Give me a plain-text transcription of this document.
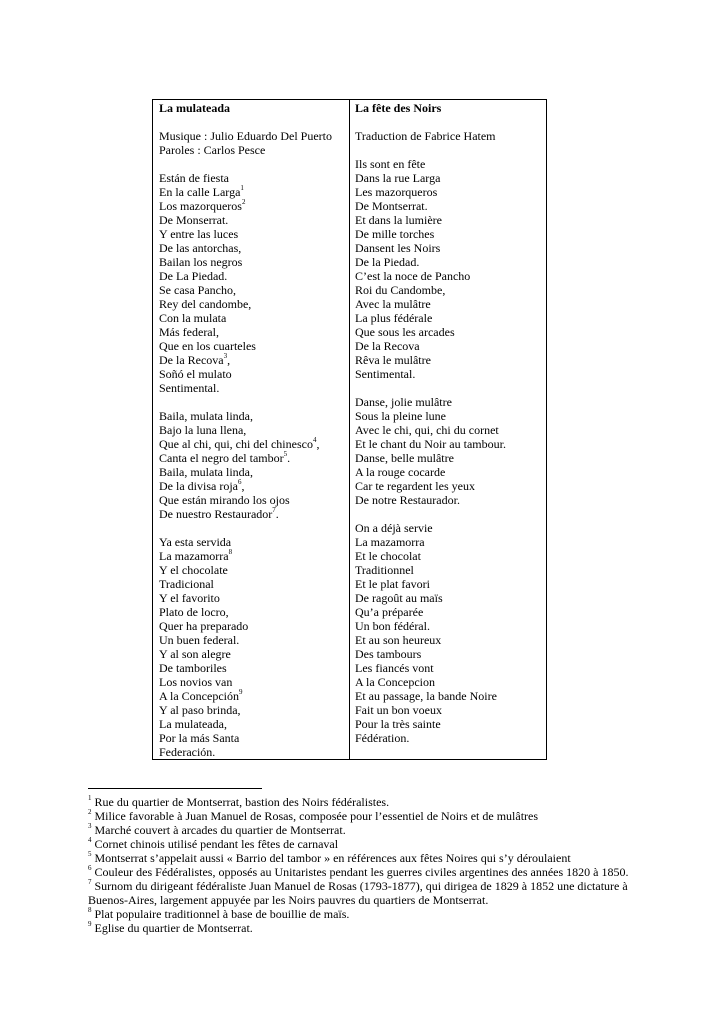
La mulateada
Musique : Julio Eduardo Del Puerto
Paroles : Carlos Pesce
Están de fiesta
En la calle Larga$^1$
Los mazorqueros$^2$
De Monserrat.
Y entre las luces
De las antorchas,
Bailan los negros
De La Piedad.
Se casa Pancho,
Rey del candombe,
Con la mulata
Más federal,
Que en los cuarteles
De la Recova$^3$,
Soñó el mulato
Sentimental.
Baila, mulata linda,
Bajo la luna llena,
Que al chi, qui, chi del chinesco$^4$,
Canta el negro del tambor$^5$.
Baila, mulata linda,
De la divisa roja$^6$,
Que están mirando los ojos
De nuestro Restaurador$^7$.
Ya esta servida
La mazamorra$^8$
Y el chocolate
Tradicional
Y el favorito
Plato de locro,
Quer ha preparado
Un buen federal.
Y al son alegre
De tamboriles
Los novios van
A la Concepción$^9$
Y al paso brinda,
La mulateada,
Por la más Santa
Federación.
La fête des Noirs
Traduction de Fabrice Hatem
Ils sont en fête
Dans la rue Larga
Les mazorqueros
De Montserrat.
Et dans la lumière
De mille torches
Dansent les Noirs
De la Piedad.
C’est la noce de Pancho
Roi du Candombe,
Avec la mulâtre
La plus fédérale
Que sous les arcades
De la Recova
Rêva le mulâtre
Sentimental.
Danse, jolie mulâtre
Sous la pleine lune
Avec le chi, qui, chi du cornet
Et le chant du Noir au tambour.
Danse, belle mulâtre
A la rouge cocarde
Car te regardent les yeux
De notre Restaurador.
On a déjà servie
La mazamorra
Et le chocolat
Traditionnel
Et le plat favori
De ragoût au maïs
Qu’a préparée
Un bon fédéral.
Et au son heureux
Des tambours
Les fiancés vont
A la Concepcion
Et au passage, la bande Noire
Fait un bon voeux
Pour la très sainte
Fédération.

$^1$ Rue du quartier de Montserrat, bastion des Noirs fédéralistes.

$^2$ Milice favorable à Juan Manuel de Rosas, composée pour l’essentiel de Noirs et de mulâtres

$^3$ Marché couvert à arcades du quartier de Montserrat.

$^4$ Cornet chinois utilisé pendant les fêtes de carnaval

$^5$ Montserrat s’appelait aussi « Barrio del tambor » en références aux fêtes Noires qui s’y déroulaient

$^6$ Couleur des Fédéralistes, opposés au Unitaristes pendant les guerres civiles argentines des années 1820 à 1850.

$^7$ Surnom du dirigeant fédéraliste Juan Manuel de Rosas (1793-1877), qui dirigea de 1829 à 1852 une dictature à Buenos-Aires, largement appuyée par les Noirs pauvres du quartiers de Montserrat.

$^8$ Plat populaire traditionnel à base de bouillie de maïs.

$^9$ Eglise du quartier de Montserrat.
